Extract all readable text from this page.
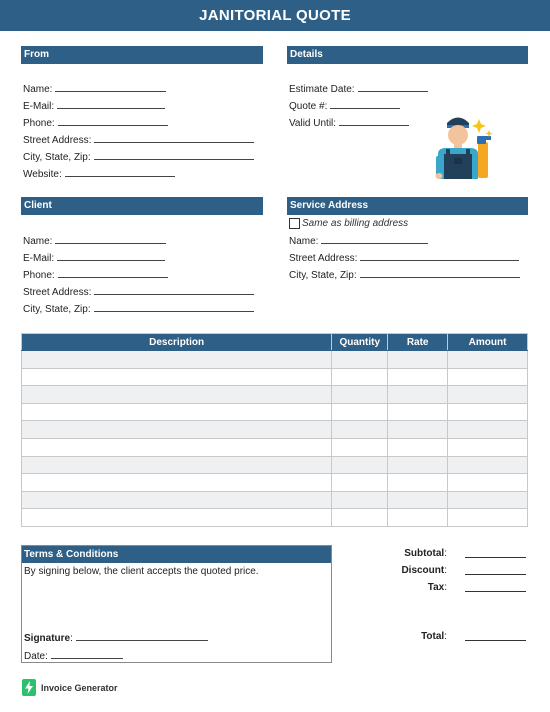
JANITORIAL QUOTE
From
Name:
E-Mail:
Phone:
Street Address:
City, State, Zip:
Website:
Details
Estimate Date:
Quote #:
Valid Until:
Client
Name:
E-Mail:
Phone:
Street Address:
City, State, Zip:
Service Address
Same as billing address
Name:
Street Address:
City, State, Zip:
Description	Quantity	Rate	Amount

Terms & Conditions
By signing below, the client accepts the quoted price.
Signature:
Date:
Subtotal:
Discount:
Tax:
Total:
Invoice Generator
